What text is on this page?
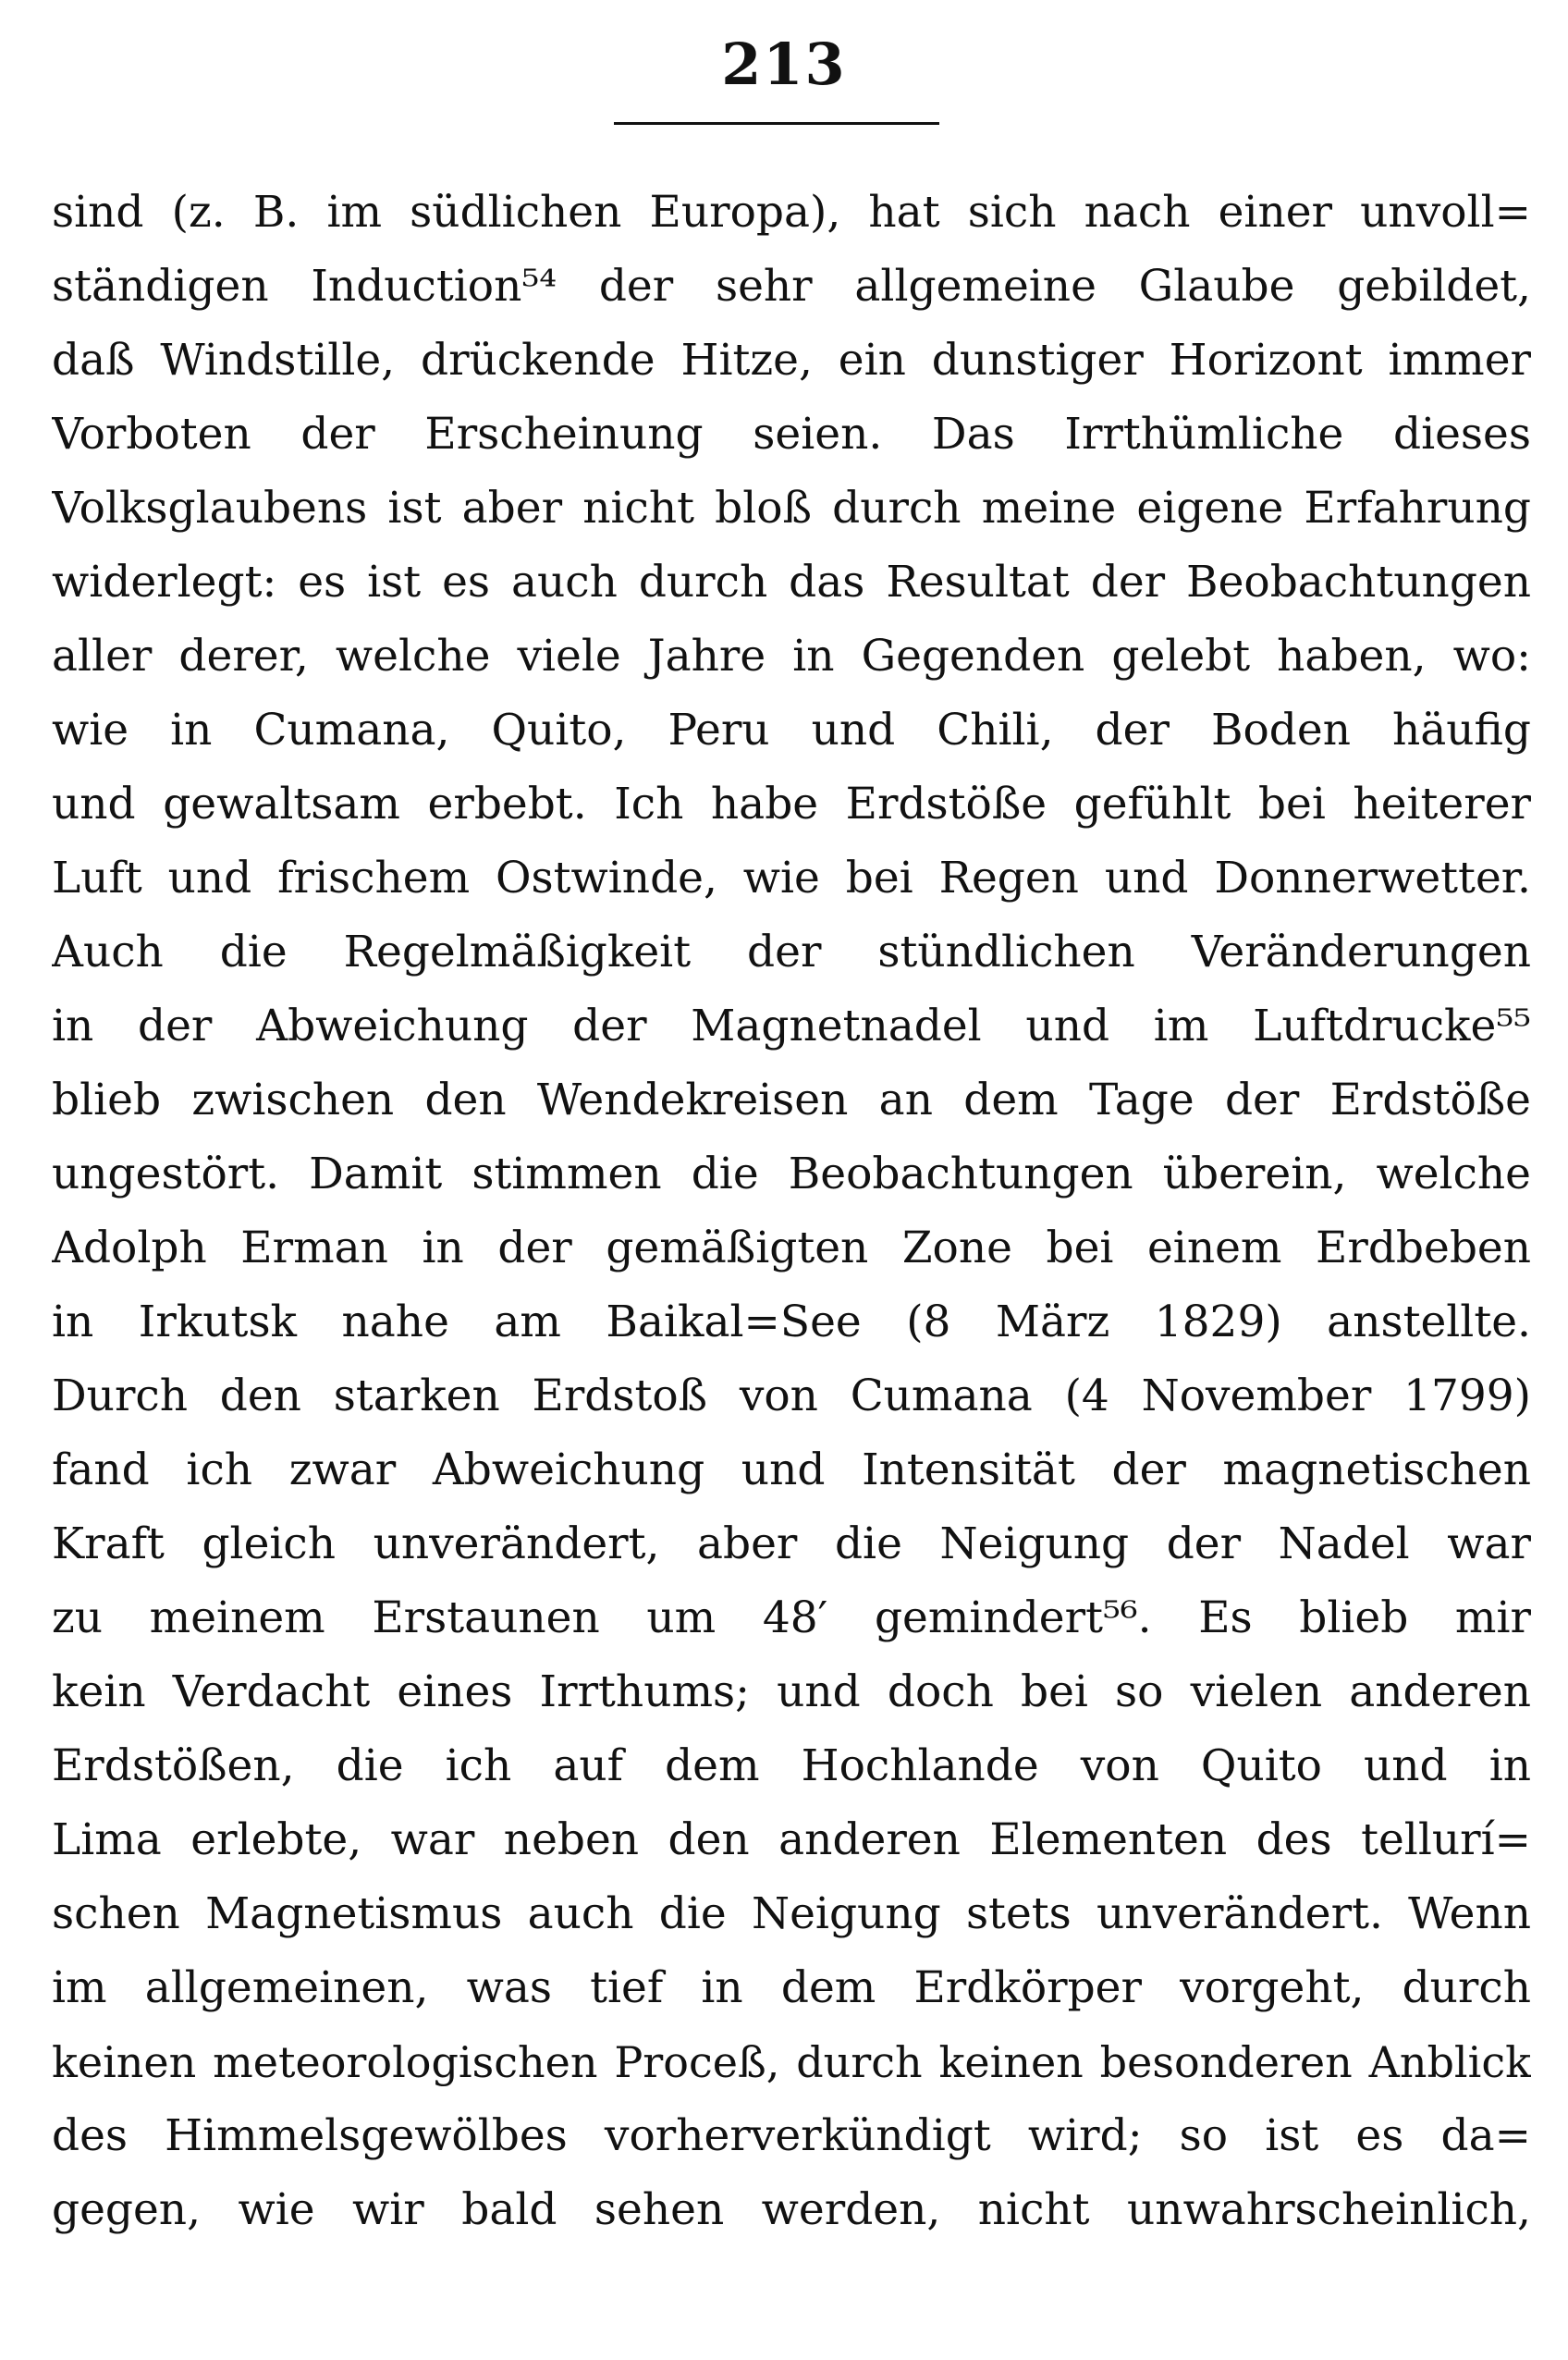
213
sind (z. B. im südlichen Europa), hat sich nach einer unvoll=
ständigen Induction⁵⁴ der sehr allgemeine Glaube gebildet,
daß Windstille, drückende Hitze, ein dunstiger Horizont immer
Vorboten der Erscheinung seien. Das Irrthümliche dieses
Volksglaubens ist aber nicht bloß durch meine eigene Erfahrung
widerlegt: es ist es auch durch das Resultat der Beobachtungen
aller derer, welche viele Jahre in Gegenden gelebt haben, wo:
wie in Cumana, Quito, Peru und Chili, der Boden häufig
und gewaltsam erbebt. Ich habe Erdstöße gefühlt bei heiterer
Luft und frischem Ostwinde, wie bei Regen und Donnerwetter.
Auch die Regelmäßigkeit der stündlichen Veränderungen
in der Abweichung der Magnetnadel und im Luftdrucke⁵⁵
blieb zwischen den Wendekreisen an dem Tage der Erdstöße
ungestört. Damit stimmen die Beobachtungen überein, welche
Adolph Erman in der gemäßigten Zone bei einem Erdbeben
in Irkutsk nahe am Baikal=See (8 März 1829) anstellte.
Durch den starken Erdstoß von Cumana (4 November 1799)
fand ich zwar Abweichung und Intensität der magnetischen
Kraft gleich unverändert, aber die Neigung der Nadel war
zu meinem Erstaunen um 48′ gemindert⁵⁶. Es blieb mir
kein Verdacht eines Irrthums; und doch bei so vielen anderen
Erdstößen, die ich auf dem Hochlande von Quito und in
Lima erlebte, war neben den anderen Elementen des tellurí=
schen Magnetismus auch die Neigung stets unverändert. Wenn
im allgemeinen, was tief in dem Erdkörper vorgeht, durch
keinen meteorologischen Proceß, durch keinen besonderen Anblick
des Himmelsgewölbes vorherverkündigt wird; so ist es da=
gegen, wie wir bald sehen werden, nicht unwahrscheinlich,
